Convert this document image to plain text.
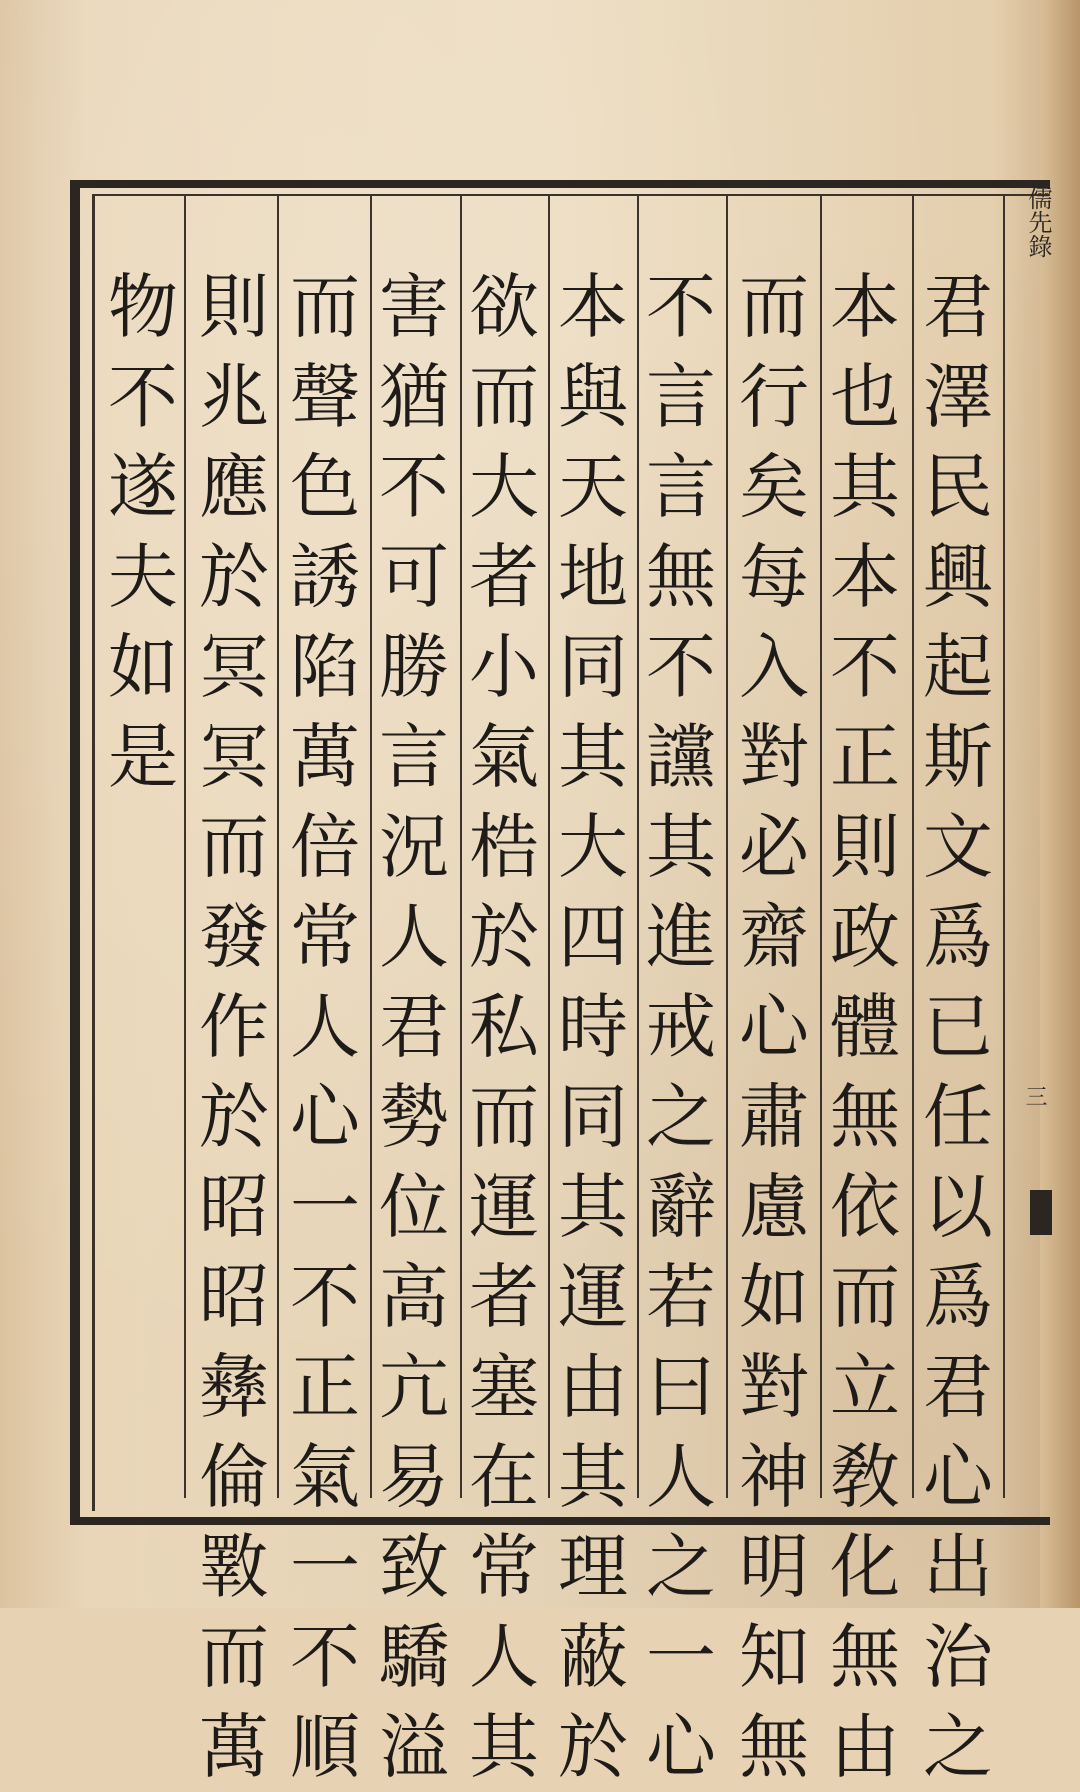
儒先錄
三
君
澤
民
興
起
斯
文
爲
已
任
以
爲
君
心
出
治
之
本
也
其
本
不
正
則
政
體
無
依
而
立
敎
化
無
由
而
行
矣
每
入
對
必
齋
心
肅
慮
如
對
神
明
知
無
不
言
言
無
不
讜
其
進
戒
之
辭
若
曰
人
之
一
心
本
與
天
地
同
其
大
四
時
同
其
運
由
其
理
蔽
於
欲
而
大
者
小
氣
梏
於
私
而
運
者
塞
在
常
人
其
害
猶
不
可
勝
言
況
人
君
勢
位
高
亢
易
致
驕
溢
而
聲
色
誘
陷
萬
倍
常
人
心
一
不
正
氣
一
不
順
則
兆
應
於
冥
冥
而
發
作
於
昭
昭
彝
倫
斁
而
萬
物
不
遂
夫
如
是
